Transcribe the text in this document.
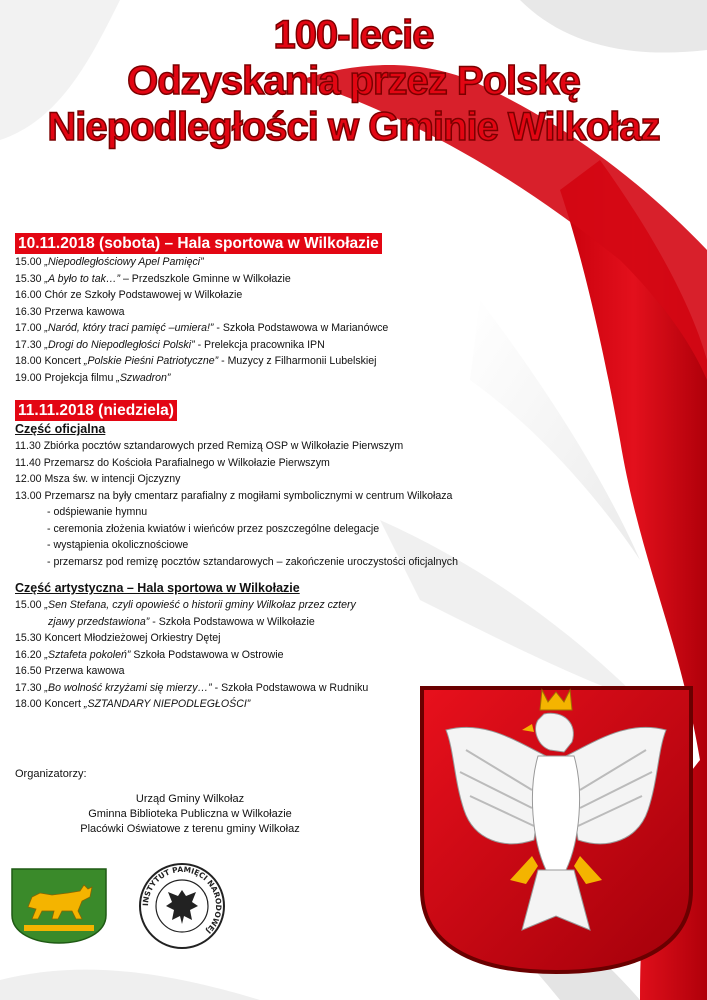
100-lecie
Odzyskania przez Polskę
Niepodległości w Gminie Wilkołaz
10.11.2018 (sobota) – Hala sportowa w Wilkołazie
15.00 „Niepodległościowy Apel Pamięci”
15.30 „A było to tak…” – Przedszkole Gminne w Wilkołazie
16.00 Chór ze Szkoły Podstawowej w Wilkołazie
16.30 Przerwa kawowa
17.00 „Naród, który traci pamięć –umiera!” - Szkoła Podstawowa w Marianówce
17.30 „Drogi do Niepodległości Polski” - Prelekcja pracownika IPN
18.00 Koncert „Polskie Pieśni Patriotyczne” - Muzycy z Filharmonii Lubelskiej
19.00 Projekcja filmu „Szwadron”
11.11.2018 (niedziela)
Część oficjalna
11.30 Zbiórka pocztów sztandarowych przed Remizą OSP w Wilkołazie Pierwszym
11.40 Przemarsz do Kościoła Parafialnego w Wilkołazie Pierwszym
12.00 Msza św. w intencji Ojczyzny
13.00 Przemarsz na były cmentarz parafialny z mogiłami symbolicznymi w centrum Wilkołaza
- odśpiewanie hymnu
- ceremonia złożenia kwiatów i wieńców przez poszczególne delegacje
- wystąpienia okolicznościowe
- przemarsz pod remizę pocztów sztandarowych – zakończenie uroczystości oficjalnych
Część artystyczna – Hala sportowa w Wilkołazie
15.00 „Sen Stefana, czyli opowieść o historii gminy Wilkołaz przez cztery
zjawy przedstawiona” - Szkoła Podstawowa w Wilkołazie
15.30 Koncert Młodzieżowej Orkiestry Dętej
16.20 „Sztafeta pokoleń” Szkoła Podstawowa w Ostrowie
16.50 Przerwa kawowa
17.30 „Bo wolność krzyżami się mierzy…” - Szkoła Podstawowa w Rudniku
18.00 Koncert „SZTANDARY NIEPODLEGŁOŚCI”
Organizatorzy:
Urząd Gminy Wilkołaz
Gminna Biblioteka Publiczna w Wilkołazie
Placówki Oświatowe z terenu gminy Wilkołaz
INSTYTUT PAMIĘCI NARODOWEJ
